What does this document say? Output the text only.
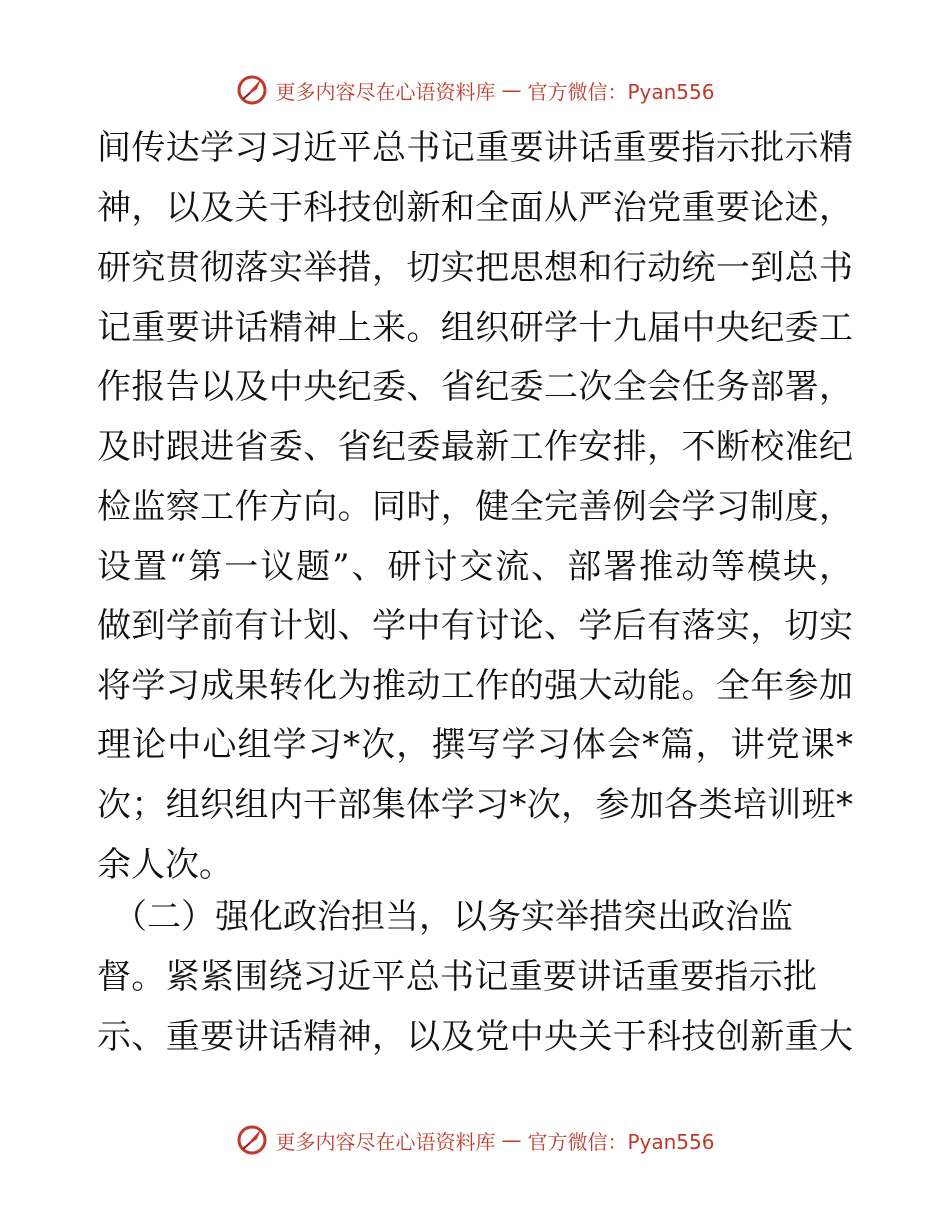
更多内容尽在心语资料库 — 官方微信：Pyan556
间传达学习习近平总书记重要讲话重要指示批示精
神，以及关于科技创新和全面从严治党重要论述，
研究贯彻落实举措，切实把思想和行动统一到总书
记重要讲话精神上来。组织研学十九届中央纪委工
作报告以及中央纪委、省纪委二次全会任务部署，
及时跟进省委、省纪委最新工作安排，不断校准纪
检监察工作方向。同时，健全完善例会学习制度，
设置“第一议题”、研讨交流、部署推动等模块，
做到学前有计划、学中有讨论、学后有落实，切实
将学习成果转化为推动工作的强大动能。全年参加
理论中心组学习*次，撰写学习体会*篇，讲党课*
次；组织组内干部集体学习*次，参加各类培训班*
余人次。
（二）强化政治担当，以务实举措突出政治监
督。紧紧围绕习近平总书记重要讲话重要指示批
示、重要讲话精神，以及党中央关于科技创新重大
更多内容尽在心语资料库 — 官方微信：Pyan556
